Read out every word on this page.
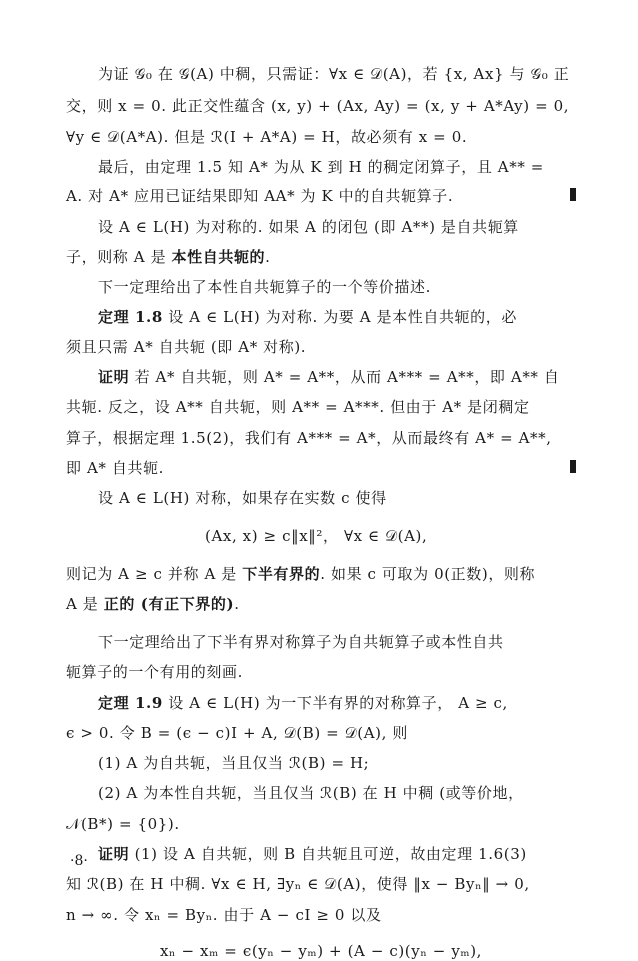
为证 𝒢₀ 在 𝒢(A) 中稠，只需证：∀x ∈ 𝒟(A)，若 {x, Ax} 与 𝒢₀ 正
交，则 x = 0. 此正交性蕴含 (x, y) + (Ax, Ay) = (x, y + A*Ay) = 0,
∀y ∈ 𝒟(A*A). 但是 ℛ(I + A*A) = H，故必须有 x = 0.
最后，由定理 1.5 知 A* 为从 K 到 H 的稠定闭算子，且 A** =
A. 对 A* 应用已证结果即知 AA* 为 K 中的自共轭算子.
设 A ∈ L(H) 为对称的. 如果 A 的闭包 (即 A**) 是自共轭算
子，则称 A 是 本性自共轭的.
下一定理给出了本性自共轭算子的一个等价描述.
定理 1.8 设 A ∈ L(H) 为对称. 为要 A 是本性自共轭的，必
须且只需 A* 自共轭 (即 A* 对称).
证明 若 A* 自共轭，则 A* = A**，从而 A*** = A**，即 A** 自
共轭. 反之，设 A** 自共轭，则 A** = A***. 但由于 A* 是闭稠定
算子，根据定理 1.5(2)，我们有 A*** = A*，从而最终有 A* = A**,
即 A* 自共轭.
设 A ∈ L(H) 对称，如果存在实数 c 使得
(Ax, x) ≥ c‖x‖²， ∀x ∈ 𝒟(A),
则记为 A ≥ c 并称 A 是 下半有界的. 如果 c 可取为 0(正数)，则称
A 是 正的 (有正下界的).
下一定理给出了下半有界对称算子为自共轭算子或本性自共
轭算子的一个有用的刻画.
定理 1.9 设 A ∈ L(H) 为一下半有界的对称算子， A ≥ c,
ϵ > 0. 令 B = (ϵ − c)I + A, 𝒟(B) = 𝒟(A), 则
(1) A 为自共轭，当且仅当 ℛ(B) = H;
(2) A 为本性自共轭，当且仅当 ℛ(B) 在 H 中稠 (或等价地，
𝒩(B*) = {0}).
证明 (1) 设 A 自共轭，则 B 自共轭且可逆，故由定理 1.6(3)
·8·
知 ℛ(B) 在 H 中稠. ∀x ∈ H, ∃yₙ ∈ 𝒟(A)，使得 ‖x − Byₙ‖ → 0,
n → ∞. 令 xₙ = Byₙ. 由于 A − cI ≥ 0 以及
xₙ − xₘ = ϵ(yₙ − yₘ) + (A − c)(yₙ − yₘ),
